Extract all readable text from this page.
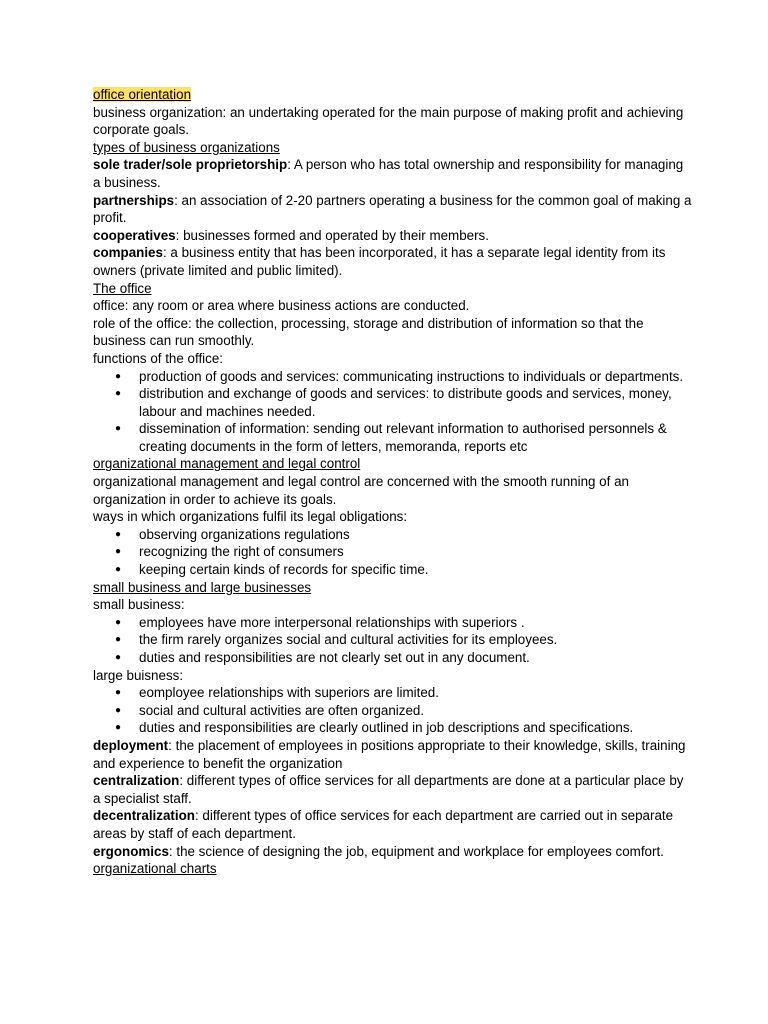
office orientation

business organization: an undertaking operated for the main purpose of making profit and achieving corporate goals.

types of business organizations

sole trader/sole proprietorship: A person who has total ownership and responsibility for managing a business.

partnerships: an association of 2-20 partners operating a business for the common goal of making a profit.

cooperatives: businesses formed and operated by their members.

companies: a business entity that has been incorporated, it has a separate legal identity from its owners (private limited and public limited).

The office

office: any room or area where business actions are conducted.

role of the office: the collection, processing, storage and distribution of information so that the business can run smoothly.

functions of the office:

● production of goods and services: communicating instructions to individuals or departments.
● distribution and exchange of goods and services: to distribute goods and services, money, labour and machines needed.
● dissemination of information: sending out relevant information to authorised personnels & creating documents in the form of letters, memoranda, reports etc

organizational management and legal control

organizational management and legal control are concerned with the smooth running of an organization in order to achieve its goals.

ways in which organizations fulfil its legal obligations:

● observing organizations regulations
● recognizing the right of consumers
● keeping certain kinds of records for specific time.

small business and large businesses

small business:

● employees have more interpersonal relationships with superiors .
● the firm rarely organizes social and cultural activities for its employees.
● duties and responsibilities are not clearly set out in any document.

large buisness:

● eomployee relationships with superiors are limited.
● social and cultural activities are often organized.
● duties and responsibilities are clearly outlined in job descriptions and specifications.

deployment: the placement of employees in positions appropriate to their knowledge, skills, training and experience to benefit the organization

centralization: different types of office services for all departments are done at a particular place by a specialist staff.

decentralization: different types of office services for each department are carried out in separate areas by staff of each department.

ergonomics: the science of designing the job, equipment and workplace for employees comfort.

organizational charts
